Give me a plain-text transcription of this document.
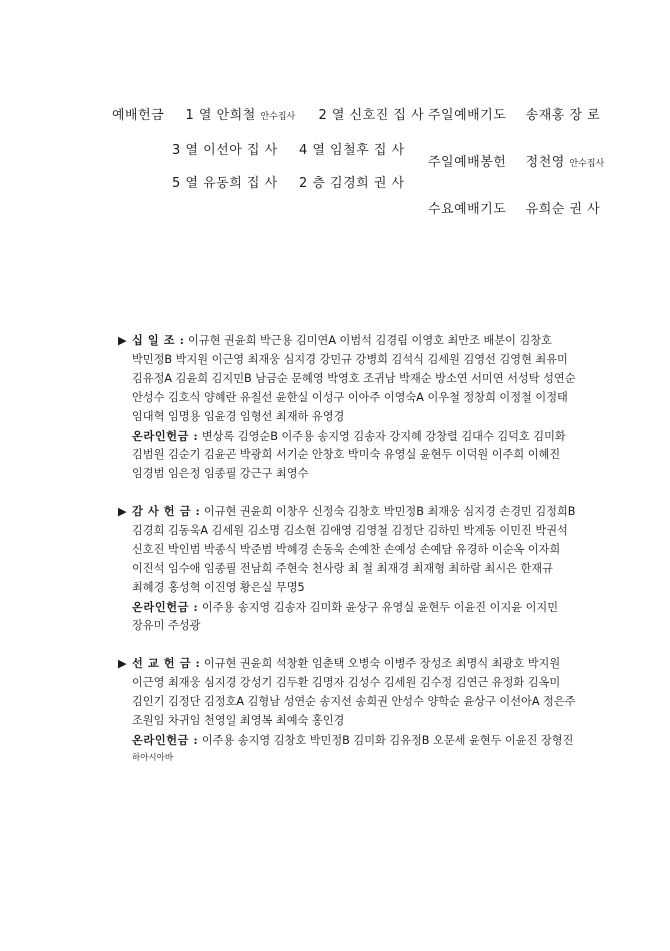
예배헌금 1 열 안희철 안수집사 2 열 신호진 집 사
3 열 이선아 집 사 4 열 임철후 집 사
5 열 유동희 집 사 2 층 김경희 권 사
주일예배기도 송재홍 장 로
주일예배봉헌 정천영 안수집사
수요예배기도 유희순 권 사
▶ 십 일 조 : 이규현 권윤희 박근용 김미연A 이범석 김경림 이영호 최만조 배분이 김창호
박민정B 박지원 이근영 최재웅 심지경 강민규 강병희 김석식 김세원 김영선 김영현 최유미
김유정A 김윤희 김지민B 남금순 문혜영 박영호 조귀남 박재순 방소연 서미연 서성탁 성연순
안성수 김호식 양혜란 유칠선 윤한실 이성구 이아주 이영숙A 이우철 정창희 이정철 이정태
임대혁 임명용 임윤경 임형선 최재하 유영경
온라인헌금 : 변상록 김영순B 이주용 송지영 김송자 강지혜 강창렬 김대수 김덕호 김미화
김범원 김순기 김윤곤 박광희 서기순 안창호 박미숙 유영실 윤현두 이덕원 이주희 이혜진
임경범 임은정 임종필 강근구 최영수
▶ 감 사 헌 금 : 이규현 권윤희 이창우 신정숙 김창호 박민정B 최재웅 심지경 손경민 김정희B
김경희 김동욱A 김세원 김소명 김소현 김애영 김영철 김정단 김하민 박계동 이민진 박권석
신호진 박인범 박종식 박준범 박혜경 손동욱 손예찬 손예성 손예담 유경하 이순옥 이자희
이진석 임수애 임종필 전남희 주현숙 천사랑 최 철 최재경 최재형 최하람 최시은 한재규
최혜경 홍성혁 이진영 황은실 무명5
온라인헌금 : 이주용 송지영 김송자 김미화 윤상구 유영실 윤현두 이윤진 이지윤 이지민
장유미 주성광
▶ 선 교 헌 금 : 이규현 권윤희 석창환 임춘택 오병숙 이병주 장성조 최명식 최광호 박지원
이근영 최재웅 심지경 강성기 김두환 김명자 김성수 김세원 김수정 김연근 유정화 김옥미
김인기 김정단 김정호A 김형남 성연순 송지선 송희권 안성수 양학순 윤상구 이선아A 정은주
조원임 차귀임 천영일 최영복 최예숙 홍인경
온라인헌금 : 이주용 송지영 김창호 박민정B 김미화 김유정B 오문세 윤현두 이윤진 장형진
하아시아바
